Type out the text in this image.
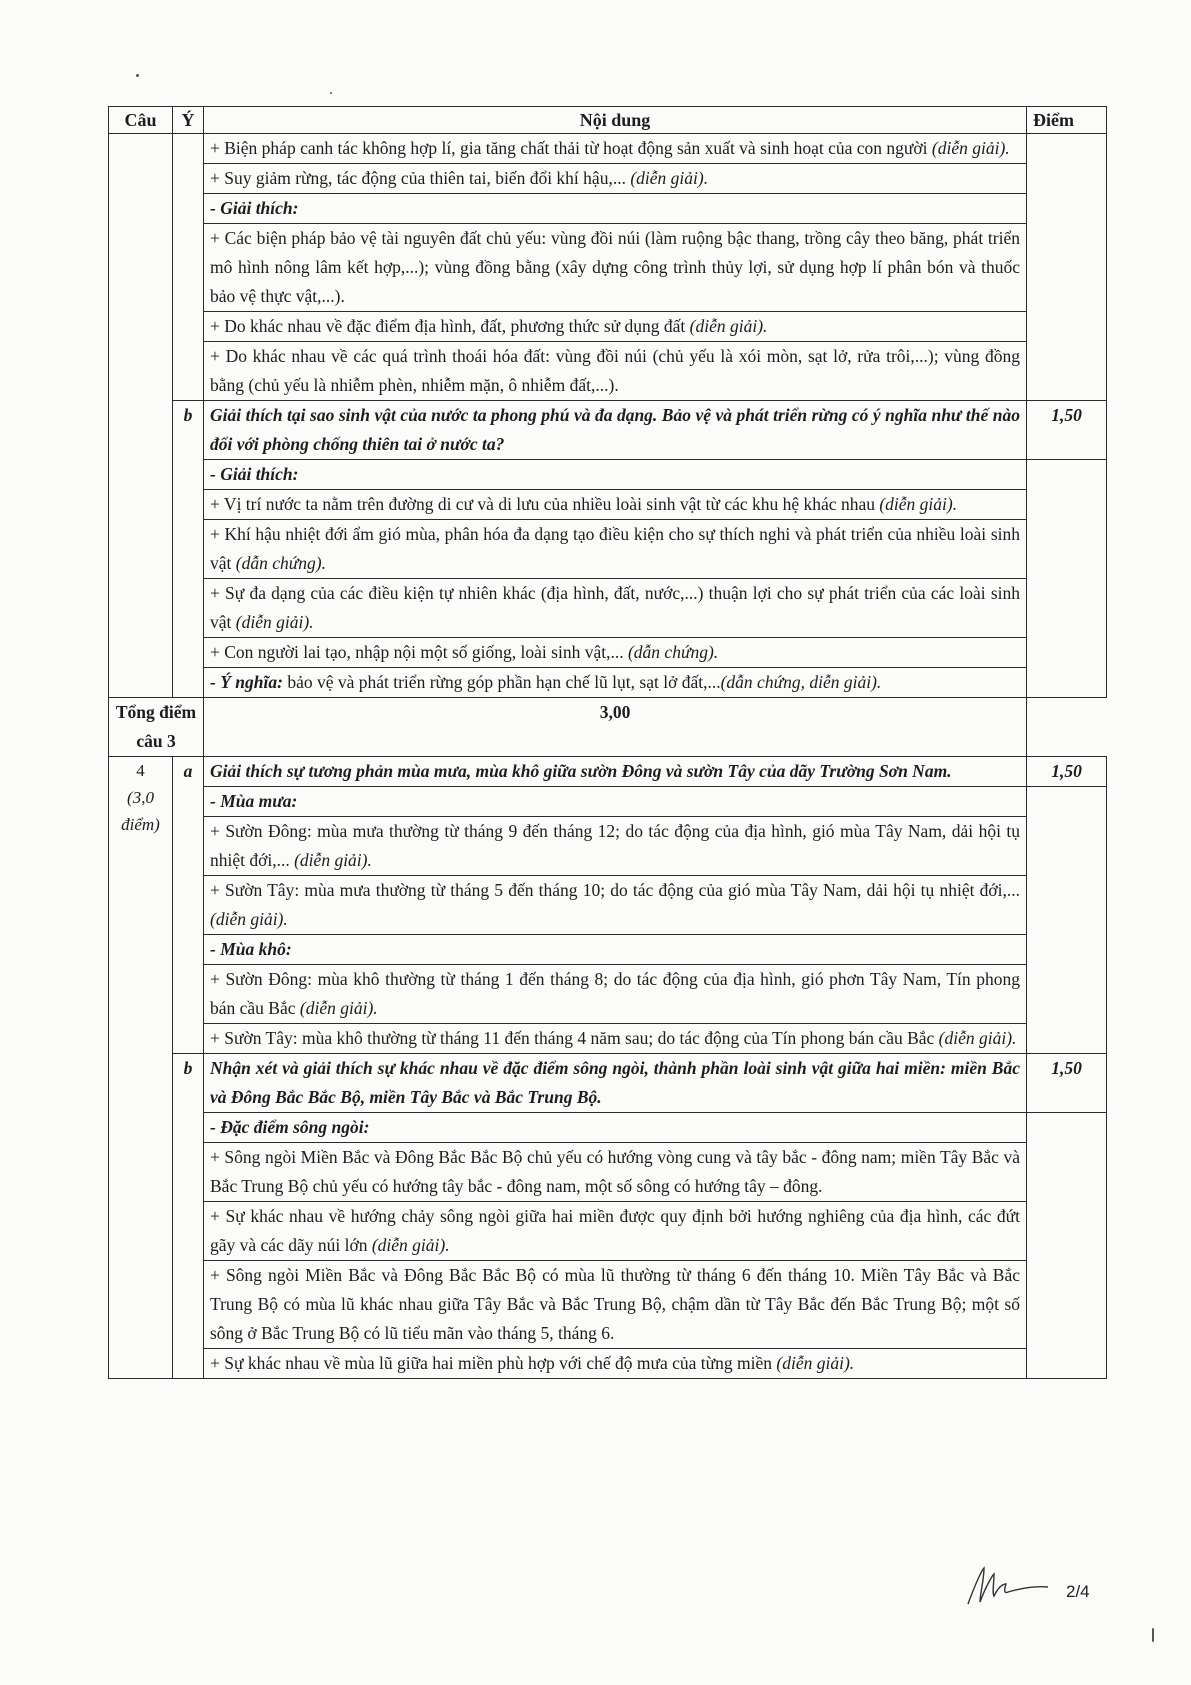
Câu	Ý	Nội dung	Điểm
		+ Biện pháp canh tác không hợp lí, gia tăng chất thải từ hoạt động sản xuất và sinh hoạt của con người (diễn giải).	
		+ Suy giảm rừng, tác động của thiên tai, biến đổi khí hậu,... (diễn giải).	
		- Giải thích:	
		+ Các biện pháp bảo vệ tài nguyên đất chủ yếu: vùng đồi núi (làm ruộng bậc thang, trồng cây theo băng, phát triển mô hình nông lâm kết hợp,...); vùng đồng bằng (xây dựng công trình thủy lợi, sử dụng hợp lí phân bón và thuốc bảo vệ thực vật,...).	
		+ Do khác nhau về đặc điểm địa hình, đất, phương thức sử dụng đất (diễn giải).	
		+ Do khác nhau về các quá trình thoái hóa đất: vùng đồi núi (chủ yếu là xói mòn, sạt lở, rửa trôi,...); vùng đồng bằng (chủ yếu là nhiễm phèn, nhiễm mặn, ô nhiễm đất,...).	
	b	Giải thích tại sao sinh vật của nước ta phong phú và đa dạng. Bảo vệ và phát triển rừng có ý nghĩa như thế nào đối với phòng chống thiên tai ở nước ta?	1,50
		- Giải thích:	
		+ Vị trí nước ta nằm trên đường di cư và di lưu của nhiều loài sinh vật từ các khu hệ khác nhau (diễn giải).	
		+ Khí hậu nhiệt đới ẩm gió mùa, phân hóa đa dạng tạo điều kiện cho sự thích nghi và phát triển của nhiều loài sinh vật (dẫn chứng).	
		+ Sự đa dạng của các điều kiện tự nhiên khác (địa hình, đất, nước,...) thuận lợi cho sự phát triển của các loài sinh vật (diễn giải).	
		+ Con người lai tạo, nhập nội một số giống, loài sinh vật,... (dẫn chứng).	
		- Ý nghĩa: bảo vệ và phát triển rừng góp phần hạn chế lũ lụt, sạt lở đất,...(dẫn chứng, diễn giải).	
Tổng điểm câu 3		3,00	

4
(3,0
điểm)	a	Giải thích sự tương phản mùa mưa, mùa khô giữa sườn Đông và sườn Tây của dãy Trường Sơn Nam.	1,50
		- Mùa mưa:	
		+ Sườn Đông: mùa mưa thường từ tháng 9 đến tháng 12; do tác động của địa hình, gió mùa Tây Nam, dải hội tụ nhiệt đới,... (diễn giải).	
		+ Sườn Tây: mùa mưa thường từ tháng 5 đến tháng 10; do tác động của gió mùa Tây Nam, dải hội tụ nhiệt đới,... (diễn giải).	
		- Mùa khô:	
		+ Sườn Đông: mùa khô thường từ tháng 1 đến tháng 8; do tác động của địa hình, gió phơn Tây Nam, Tín phong bán cầu Bắc (diễn giải).	
		+ Sườn Tây: mùa khô thường từ tháng 11 đến tháng 4 năm sau; do tác động của Tín phong bán cầu Bắc (diễn giải).	
	b	Nhận xét và giải thích sự khác nhau về đặc điểm sông ngòi, thành phần loài sinh vật giữa hai miền: miền Bắc và Đông Bắc Bắc Bộ, miền Tây Bắc và Bắc Trung Bộ.	1,50
		- Đặc điểm sông ngòi:	
		+ Sông ngòi Miền Bắc và Đông Bắc Bắc Bộ chủ yếu có hướng vòng cung và tây bắc - đông nam; miền Tây Bắc và Bắc Trung Bộ chủ yếu có hướng tây bắc - đông nam, một số sông có hướng tây – đông.	
		+ Sự khác nhau về hướng chảy sông ngòi giữa hai miền được quy định bởi hướng nghiêng của địa hình, các đứt gãy và các dãy núi lớn (diễn giải).	
		+ Sông ngòi Miền Bắc và Đông Bắc Bắc Bộ có mùa lũ thường từ tháng 6 đến tháng 10. Miền Tây Bắc và Bắc Trung Bộ có mùa lũ khác nhau giữa Tây Bắc và Bắc Trung Bộ, chậm dần từ Tây Bắc đến Bắc Trung Bộ; một số sông ở Bắc Trung Bộ có lũ tiểu mãn vào tháng 5, tháng 6.	
		+ Sự khác nhau về mùa lũ giữa hai miền phù hợp với chế độ mưa của từng miền (diễn giải).	
2/4
